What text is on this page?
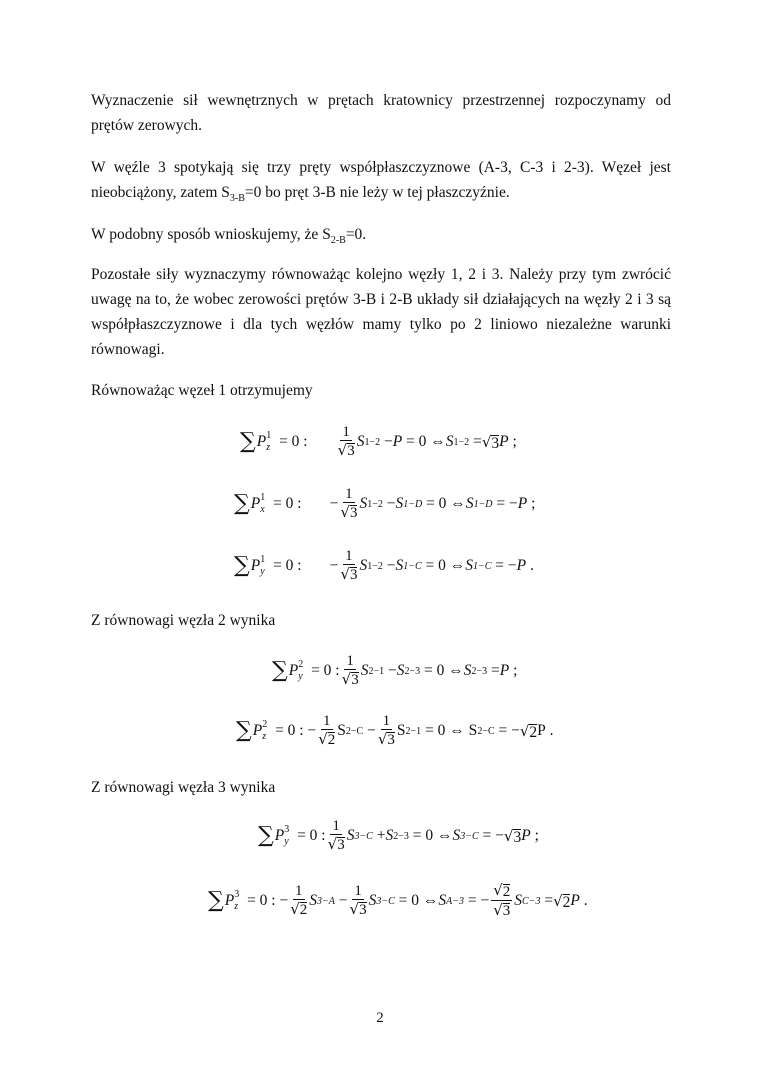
Wyznaczenie sił wewnętrznych w prętach kratownicy przestrzennej rozpoczynamy od prętów zerowych.

W węźle 3 spotykają się trzy pręty współpłaszczyznowe (A-3, C-3 i 2-3). Węzeł jest nieobciążony, zatem $S_{3-B}=0$ bo pręt 3-B nie leży w tej płaszczyźnie.

W podobny sposób wnioskujemy, że $S_{2-B}=0$.

Pozostałe siły wyznaczymy równoważąc kolejno węzły 1, 2 i 3. Należy przy tym zwrócić uwagę na to, że wobec zerowości prętów 3-B i 2-B układy sił działających na węzły 2 i 3 są współpłaszczyznowe i dla tych węzłów mamy tylko po 2 liniowo niezależne warunki równowagi.

Równoważąc węzeł 1 otrzymujemy

∑ P 1
z = 0 : $\frac{1}{√ 3}$ S 1−2 − P = 0 ⇔ S 1−2 = √ 3 P ;
∑ P 1
x = 0 : − $\frac{1}{√ 3}$ S 1−2 − S 1−D = 0 ⇔ S 1−D = − P ;
∑ P 1
y = 0 : − $\frac{1}{√ 3}$ S 1−2 − S 1−C = 0 ⇔ S 1−C = − P .

Z równowagi węzła 2 wynika

∑ P 2
y = 0 : $\frac{1}{√ 3}$ S 2−1 − S 2−3 = 0 ⇔ S 2−3 = P ;
∑ P 2
z = 0 : − $\frac{1}{√ 2}$ S $2-C - \frac{1}{√ 3}$ S 2−1 = 0 ⇔ S 2−C = − √ 2 P .

Z równowagi węzła 3 wynika

∑ P 3
y = 0 : $\frac{1}{√ 3}$ S 3−C + S 2−3 = 0 ⇔ S 3−C = − √ 3 P ;
∑ P 3
z = 0 : − $\frac{1}{√ 2}$ S $3-A - \frac{1}{√ 3}$ S 3−C = 0 ⇔ S A−3 = − $\frac{√ 2}{√ 3}$ S C−3 = √ 2 P .
2
